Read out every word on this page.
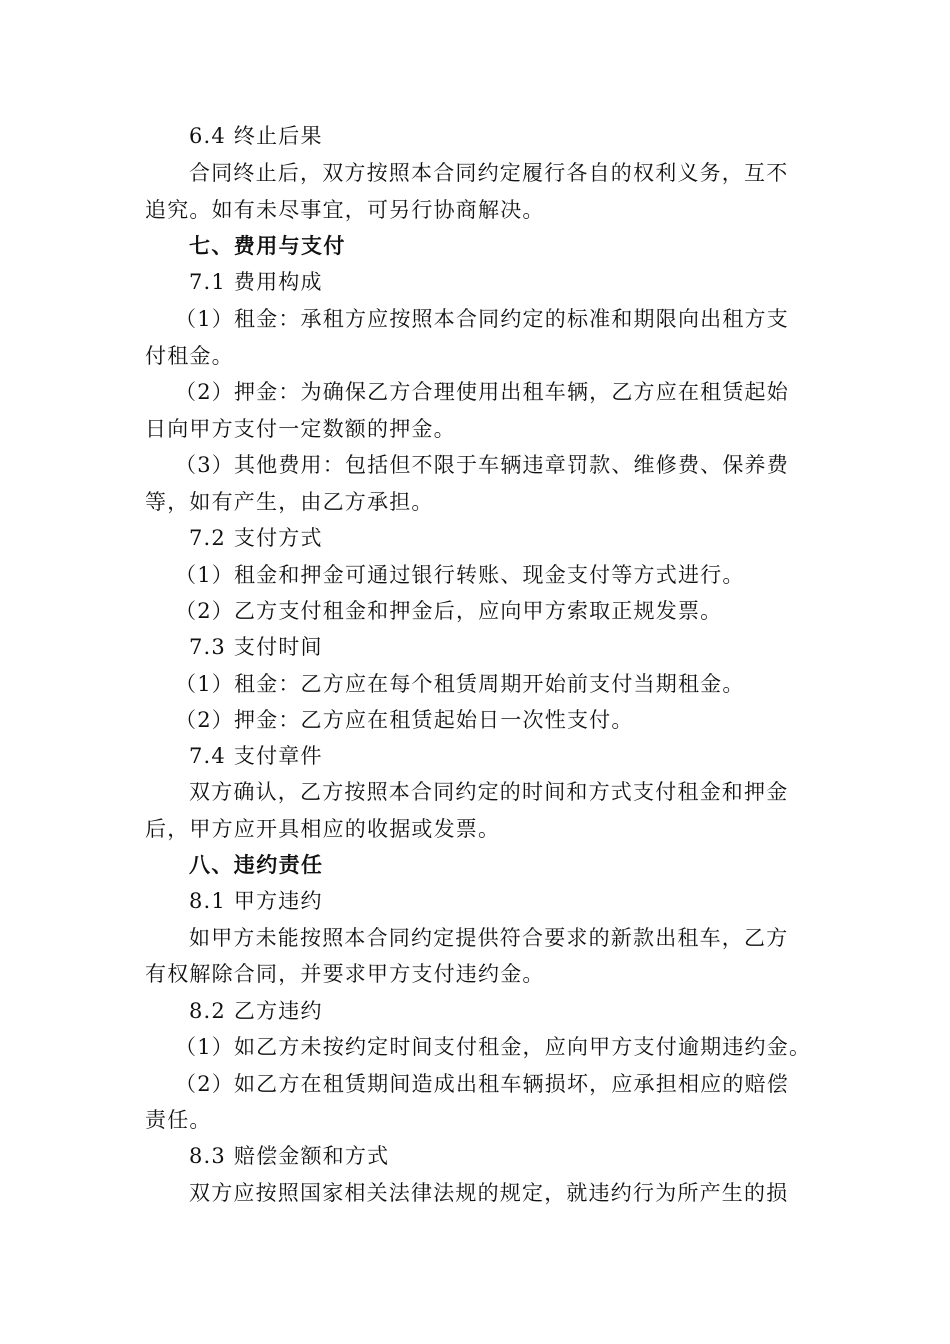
6.4 终止后果
合同终止后，双方按照本合同约定履行各自的权利义务，互不
追究。如有未尽事宜，可另行协商解决。
七、费用与支付
7.1 费用构成
（1）租金：承租方应按照本合同约定的标准和期限向出租方支
付租金。
（2）押金：为确保乙方合理使用出租车辆，乙方应在租赁起始
日向甲方支付一定数额的押金。
（3）其他费用：包括但不限于车辆违章罚款、维修费、保养费
等，如有产生，由乙方承担。
7.2 支付方式
（1）租金和押金可通过银行转账、现金支付等方式进行。
（2）乙方支付租金和押金后，应向甲方索取正规发票。
7.3 支付时间
（1）租金：乙方应在每个租赁周期开始前支付当期租金。
（2）押金：乙方应在租赁起始日一次性支付。
7.4 支付章件
双方确认，乙方按照本合同约定的时间和方式支付租金和押金
后，甲方应开具相应的收据或发票。
八、违约责任
8.1 甲方违约
如甲方未能按照本合同约定提供符合要求的新款出租车，乙方
有权解除合同，并要求甲方支付违约金。
8.2 乙方违约
（1）如乙方未按约定时间支付租金，应向甲方支付逾期违约金。
（2）如乙方在租赁期间造成出租车辆损坏，应承担相应的赔偿
责任。
8.3 赔偿金额和方式
双方应按照国家相关法律法规的规定，就违约行为所产生的损
